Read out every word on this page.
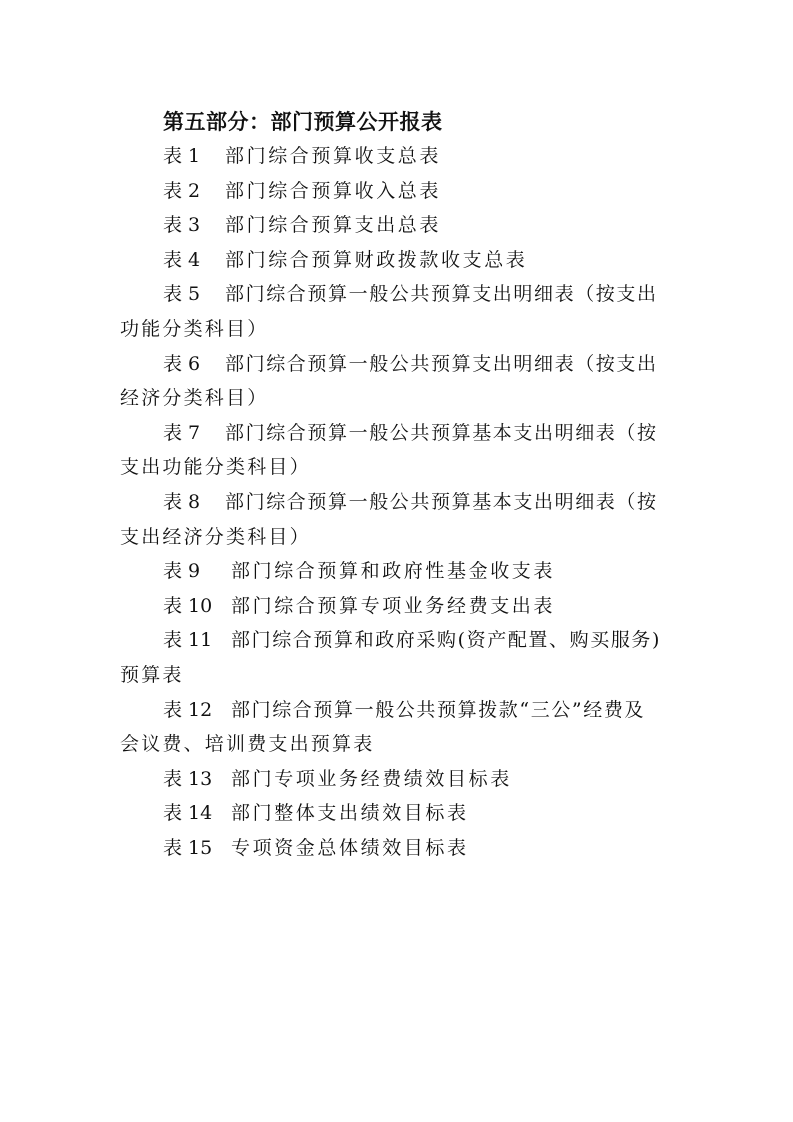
第五部分：部门预算公开报表
表 1	部门综合预算收支总表
表 2	部门综合预算收入总表
表 3	部门综合预算支出总表
表 4	部门综合预算财政拨款收支总表
表 5	部门综合预算一般公共预算支出明细表（按支出
功能分类科目）
表 6	部门综合预算一般公共预算支出明细表（按支出
经济分类科目）
表 7	部门综合预算一般公共预算基本支出明细表（按
支出功能分类科目）
表 8	部门综合预算一般公共预算基本支出明细表（按
支出经济分类科目）
表 9	部门综合预算和政府性基金收支表
表 10 部门综合预算专项业务经费支出表
表 11 部门综合预算和政府采购(资产配置、购买服务)
预算表
表 12 部门综合预算一般公共预算拨款“三公”经费及
会议费、培训费支出预算表
表 13 部门专项业务经费绩效目标表
表 14 部门整体支出绩效目标表
表 15 专项资金总体绩效目标表
